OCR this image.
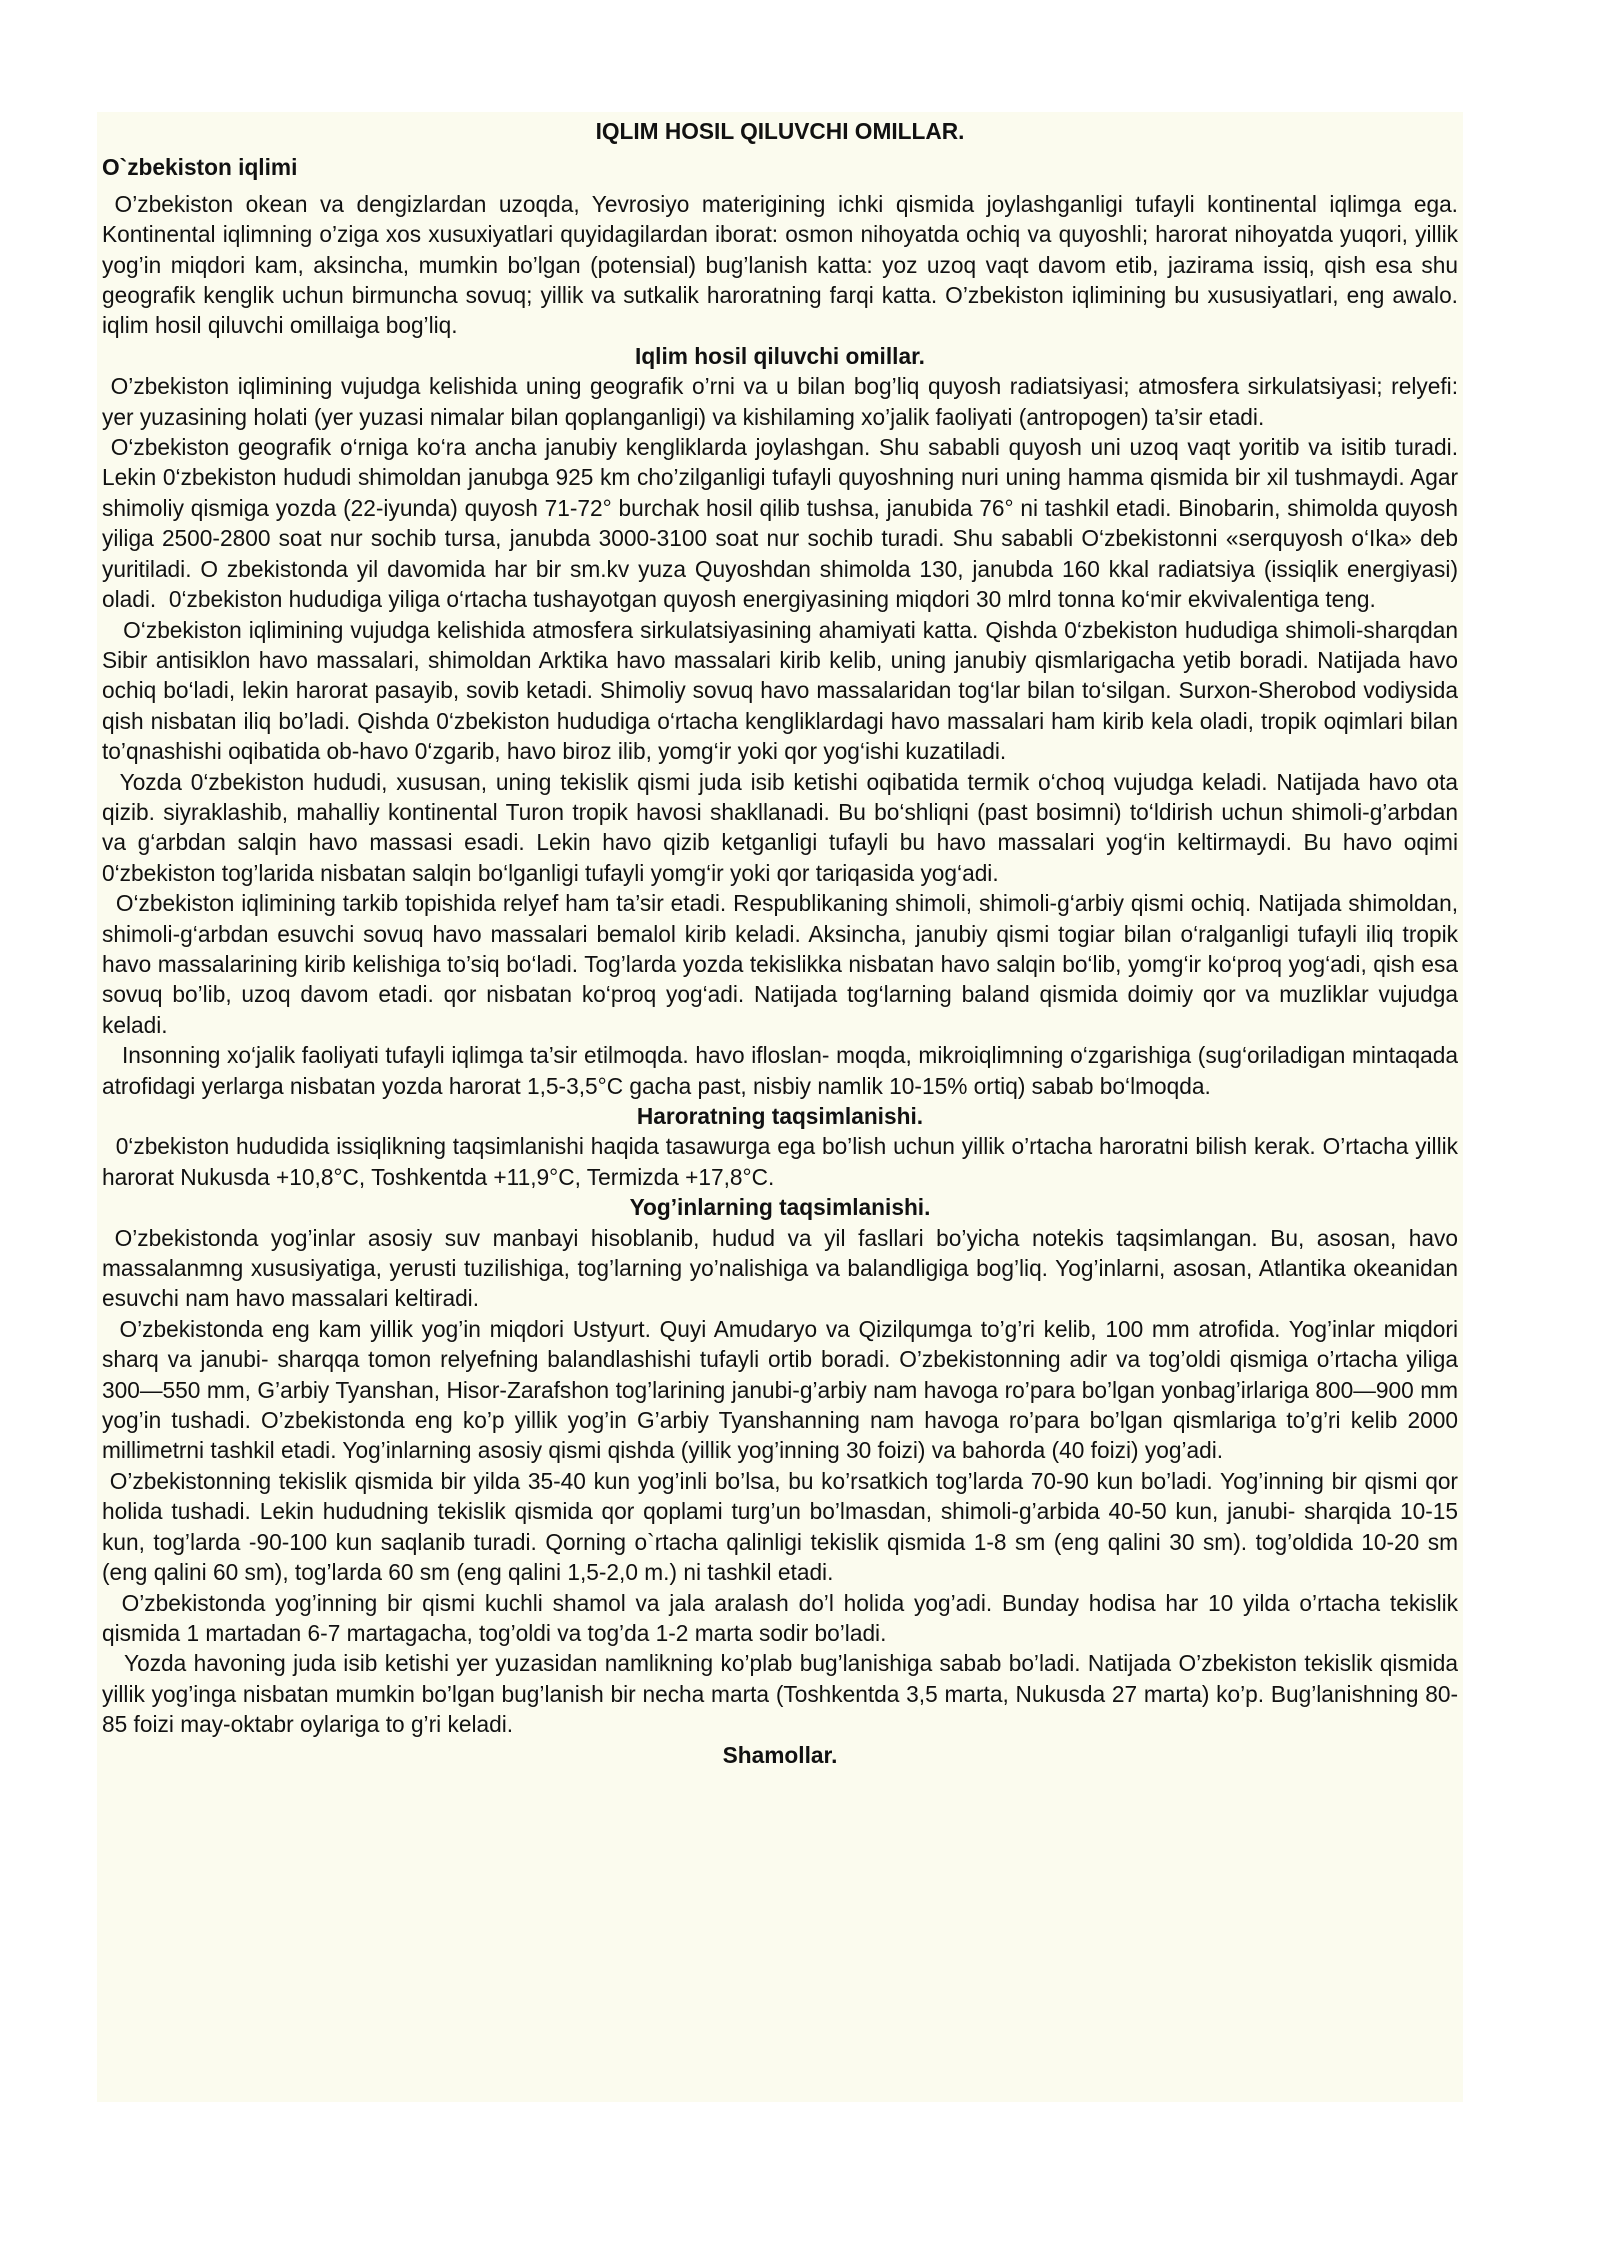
IQLIM HOSIL QILUVCHI OMILLAR.
O`zbekiston iqlimi

O’zbekiston okean va dengizlardan uzoqda, Yevrosiyo materigining ichki qismida joylashganligi tufayli kontinental iqlimga ega. Kontinental iqlimning o’ziga xos xusuxiyatlari quyidagilardan iborat: osmon nihoyatda ochiq va quyoshli; harorat nihoyatda yuqori, yillik yog’in miqdori kam, aksincha, mumkin bo’lgan (potensial) bug’lanish katta: yoz uzoq vaqt davom etib, jazirama issiq, qish esa shu geografik kenglik uchun birmuncha sovuq; yillik va sutkalik haroratning farqi katta. O’zbekiston iqlimining bu xususiyatlari, eng awalo. iqlim hosil qiluvchi omillaiga bog’liq.

Iqlim hosil qiluvchi omillar.

O’zbekiston iqlimining vujudga kelishida uning geografik o’rni va u bilan bog’liq quyosh radiatsiyasi; atmosfera sirkulatsiyasi; relyefi: yer yuzasining holati (yer yuzasi nimalar bilan qoplanganligi) va kishilaming xo’jalik faoliyati (antropogen) ta’sir etadi.

O‘zbekiston geografik o‘rniga ko‘ra ancha janubiy kengliklarda joylashgan. Shu sababli quyosh uni uzoq vaqt yoritib va isitib turadi. Lekin 0‘zbekiston hududi shimoldan janubga 925 km cho’zilganligi tufayli quyoshning nuri uning hamma qismida bir xil tushmaydi. Agar shimoliy qismiga yozda (22-iyunda) quyosh 71-72° burchak hosil qilib tushsa, janubida 76° ni tashkil etadi. Binobarin, shimolda quyosh yiliga 2500-2800 soat nur sochib tursa, janubda 3000-3100 soat nur sochib turadi. Shu sababli O‘zbekistonni «serquyosh o‘Ika» deb yuritiladi. O zbekistonda yil davomida har bir sm.kv yuza Quyoshdan shimolda 130, janubda 160 kkal radiatsiya (issiqlik energiyasi) oladi.  0‘zbekiston hududiga yiliga o‘rtacha tushayotgan quyosh energiyasining miqdori 30 mlrd tonna ko‘mir ekvivalentiga teng.

O‘zbekiston iqlimining vujudga kelishida atmosfera sirkulatsiyasining ahamiyati katta. Qishda 0‘zbekiston hududiga shimoli-sharqdan Sibir antisiklon havo massalari, shimoldan Arktika havo massalari kirib kelib, uning janubiy qismlarigacha yetib boradi. Natijada havo ochiq bo‘ladi, lekin harorat pasayib, sovib ketadi. Shimoliy sovuq havo massalaridan tog‘lar bilan to‘silgan. Surxon-Sherobod vodiysida qish nisbatan iliq bo’ladi. Qishda 0‘zbekiston hududiga o‘rtacha kengliklardagi havo massalari ham kirib kela oladi, tropik oqimlari bilan to’qnashishi oqibatida ob-havo 0‘zgarib, havo biroz ilib, yomg‘ir yoki qor yog‘ishi kuzatiladi.

Yozda 0‘zbekiston hududi, xususan, uning tekislik qismi juda isib ketishi oqibatida termik o‘choq vujudga keladi. Natijada havo ota qizib. siyraklashib, mahalliy kontinental Turon tropik havosi shakllanadi. Bu bo‘shliqni (past bosimni) to‘ldirish uchun shimoli-g’arbdan va g‘arbdan salqin havo massasi esadi. Lekin havo qizib ketganligi tufayli bu havo massalari yog‘in keltirmaydi. Bu havo oqimi 0‘zbekiston tog’larida nisbatan salqin bo‘lganligi tufayli yomg‘ir yoki qor tariqasida yog‘adi.

O‘zbekiston iqlimining tarkib topishida relyef ham ta’sir etadi. Respublikaning shimoli, shimoli-g‘arbiy qismi ochiq. Natijada shimoldan, shimoli-g‘arbdan esuvchi sovuq havo massalari bemalol kirib keladi. Aksincha, janubiy qismi togiar bilan o‘ralganligi tufayli iliq tropik havo massalarining kirib kelishiga to’siq bo‘ladi. Tog’larda yozda tekislikka nisbatan havo salqin bo‘lib, yomg‘ir ko‘proq yog‘adi, qish esa sovuq bo’lib, uzoq davom etadi. qor nisbatan ko‘proq yog‘adi. Natijada tog‘larning baland qismida doimiy qor va muzliklar vujudga keladi.

Insonning xo‘jalik faoliyati tufayli iqlimga ta’sir etilmoqda. havo ifloslan- moqda, mikroiqlimning o‘zgarishiga (sug‘oriladigan mintaqada atrofidagi yerlarga nisbatan yozda harorat 1,5-3,5°C gacha past, nisbiy namlik 10-15% ortiq) sabab bo‘lmoqda.

Haroratning taqsimlanishi.

0‘zbekiston hududida issiqlikning taqsimlanishi haqida tasawurga ega bo’lish uchun yillik o’rtacha haroratni bilish kerak. O’rtacha yillik harorat Nukusda +10,8°C, Toshkentda +11,9°C, Termizda +17,8°C.

Yog’inlarning taqsimlanishi.

O’zbekistonda yog’inlar asosiy suv manbayi hisoblanib, hudud va yil fasllari bo’yicha notekis taqsimlangan. Bu, asosan, havo massalanmng xususiyatiga, yerusti tuzilishiga, tog’larning yo’nalishiga va balandligiga bog’liq. Yog’inlarni, asosan, Atlantika okeanidan esuvchi nam havo massalari keltiradi.

O’zbekistonda eng kam yillik yog’in miqdori Ustyurt. Quyi Amudaryo va Qizilqumga to’g’ri kelib, 100 mm atrofida. Yog’inlar miqdori sharq va janubi- sharqqa tomon relyefning balandlashishi tufayli ortib boradi. O’zbekistonning adir va tog’oldi qismiga o’rtacha yiliga 300—550 mm, G’arbiy Tyanshan, Hisor-Zarafshon tog’larining janubi-g’arbiy nam havoga ro’para bo’lgan yonbag’irlariga 800—900 mm yog’in tushadi. O’zbekistonda eng ko’p yillik yog’in G’arbiy Tyanshanning nam havoga ro’para bo’lgan qismlariga to’g’ri kelib 2000 millimetrni tashkil etadi. Yog’inlarning asosiy qismi qishda (yillik yog’inning 30 foizi) va bahorda (40 foizi) yog’adi.

O’zbekistonning tekislik qismida bir yilda 35-40 kun yog’inli bo’lsa, bu ko’rsatkich tog’larda 70-90 kun bo’ladi. Yog’inning bir qismi qor holida tushadi. Lekin hududning tekislik qismida qor qoplami turg’un bo’lmasdan, shimoli-g’arbida 40-50 kun, janubi- sharqida 10-15 kun, tog’larda -90-100 kun saqlanib turadi. Qorning o`rtacha qalinligi tekislik qismida 1-8 sm (eng qalini 30 sm). tog’oldida 10-20 sm (eng qalini 60 sm), tog’larda 60 sm (eng qalini 1,5-2,0 m.) ni tashkil etadi.

O’zbekistonda yog’inning bir qismi kuchli shamol va jala aralash do’l holida yog’adi. Bunday hodisa har 10 yilda o’rtacha tekislik qismida 1 martadan 6-7 martagacha, tog’oldi va tog’da 1-2 marta sodir bo’ladi.

Yozda havoning juda isib ketishi yer yuzasidan namlikning ko’plab bug’lanishiga sabab bo’ladi. Natijada O’zbekiston tekislik qismida yillik yog’inga nisbatan mumkin bo’lgan bug’lanish bir necha marta (Toshkentda 3,5 marta, Nukusda 27 marta) ko’p. Bug’lanishning 80-85 foizi may-oktabr oylariga to g’ri keladi.

Shamollar.
